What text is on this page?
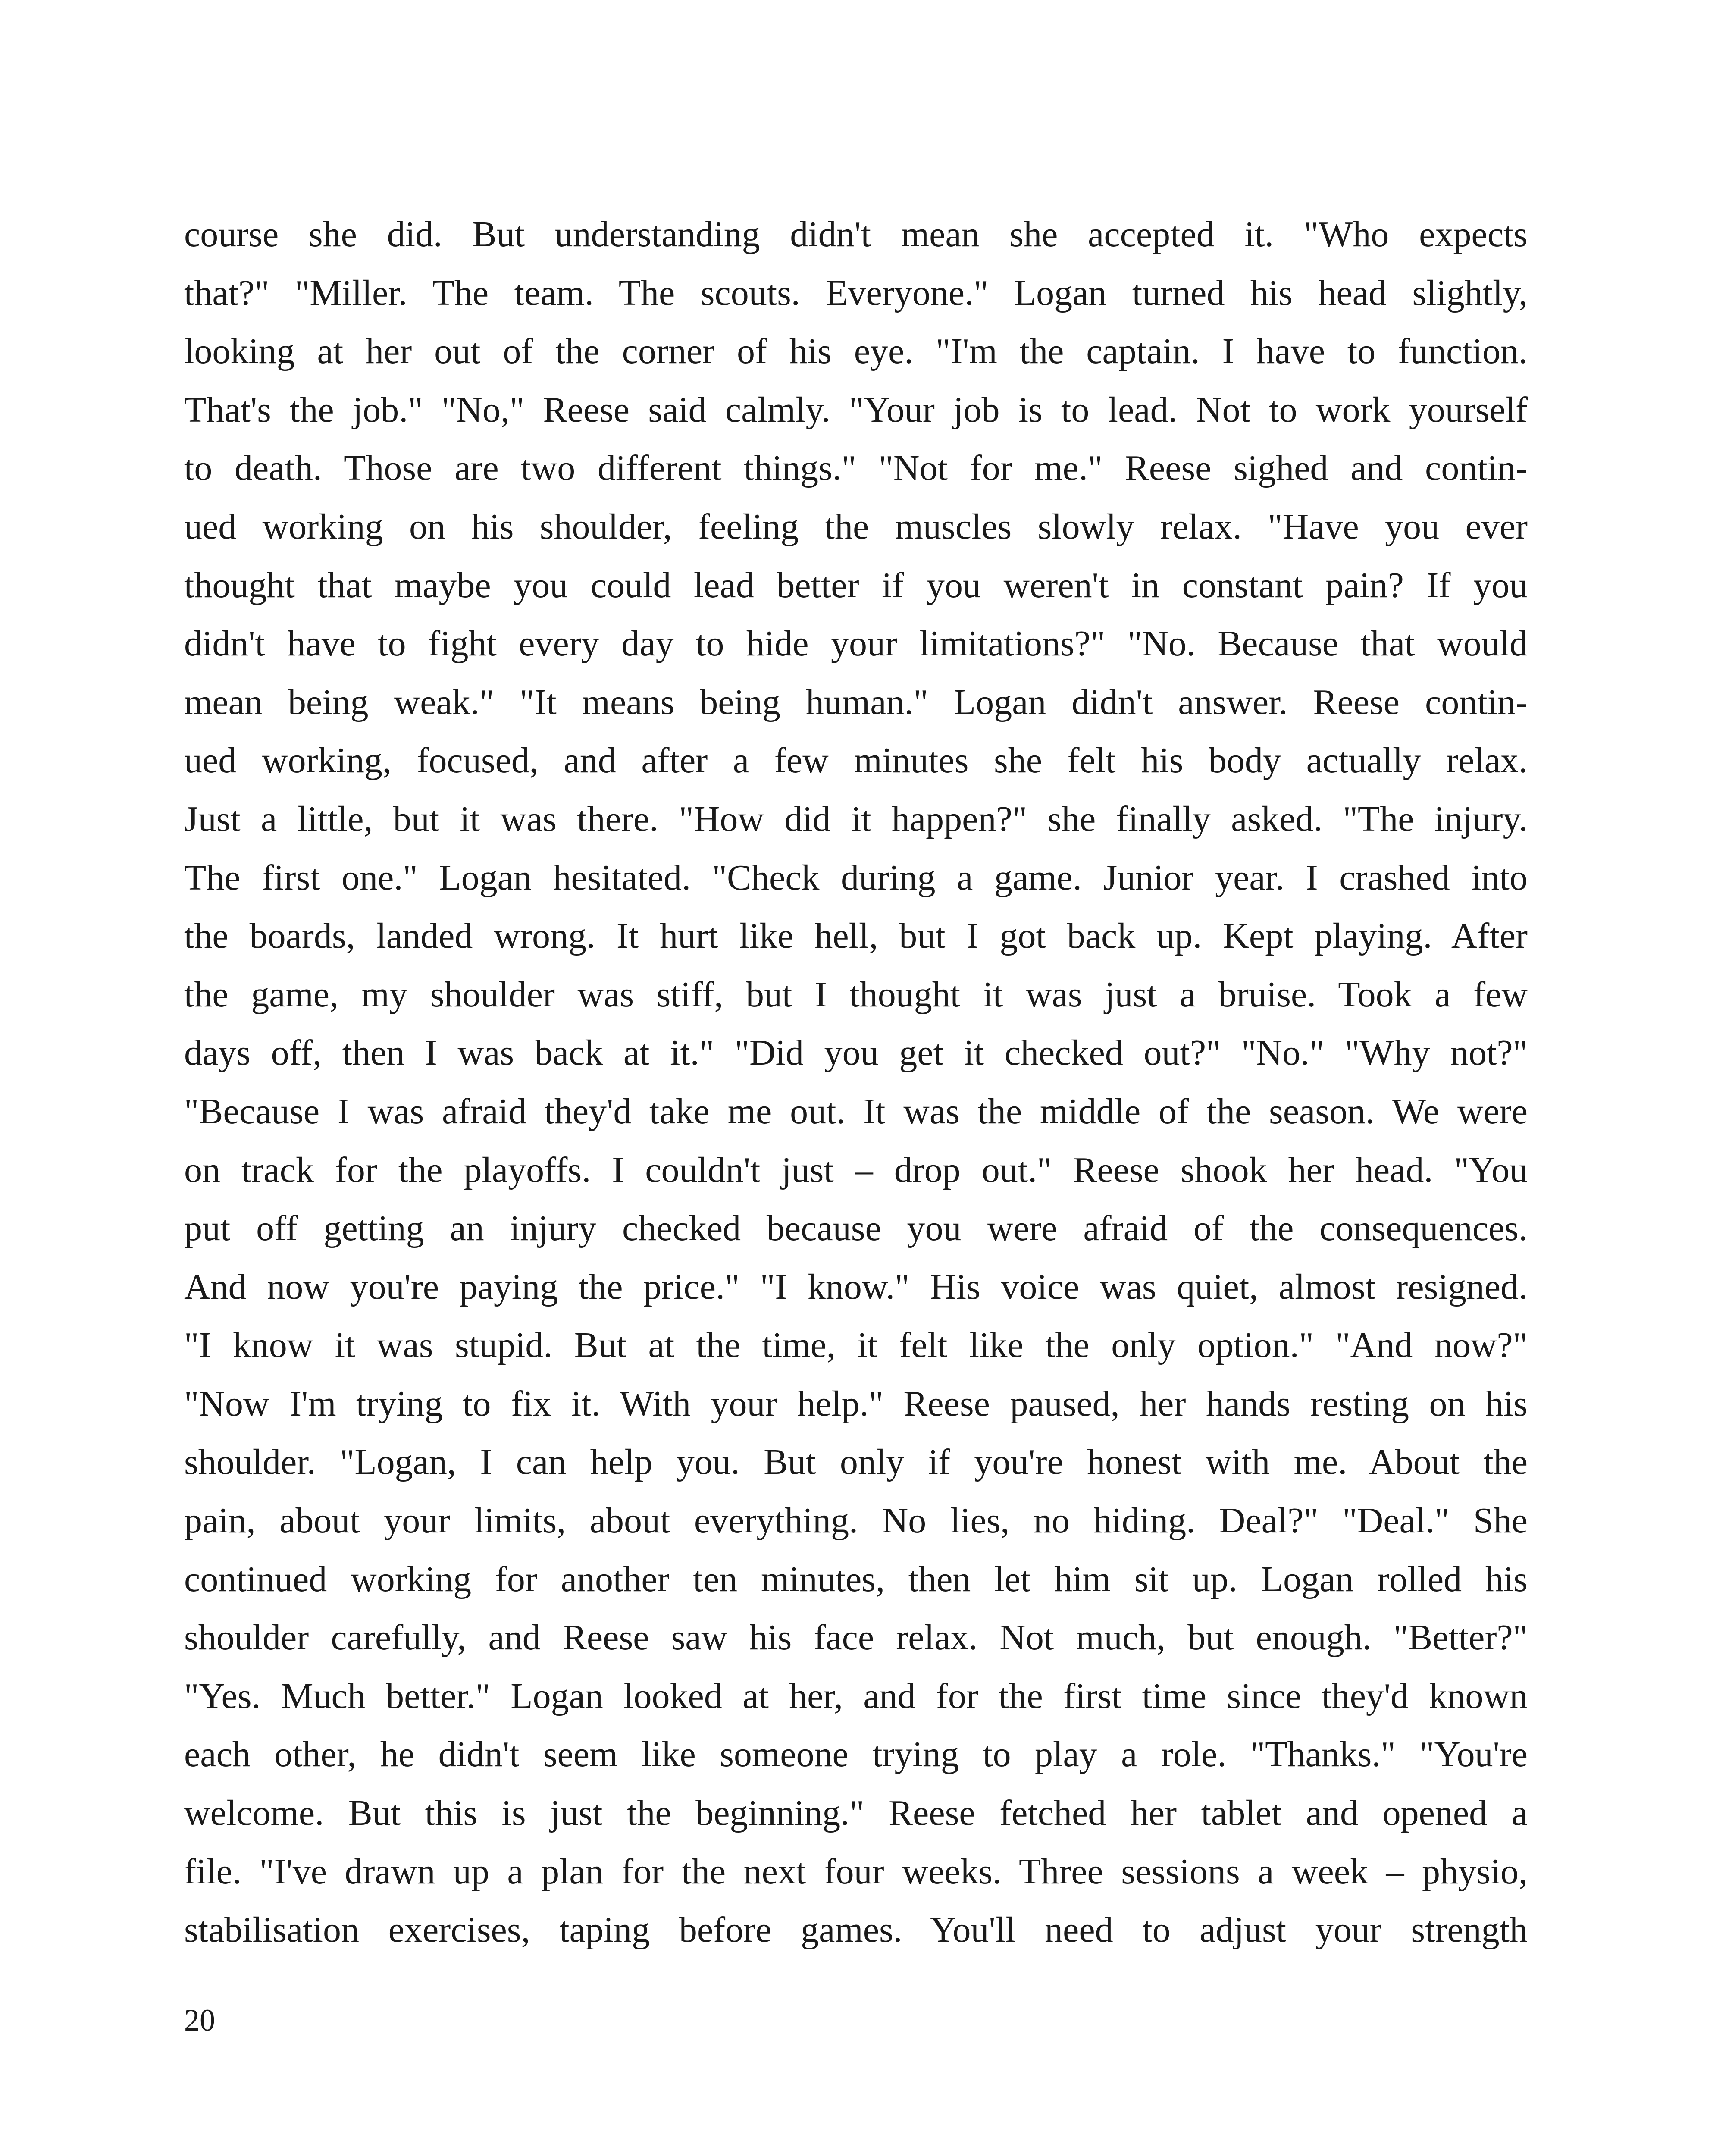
course she did. But understanding didn't mean she accepted it. "Who expects
that?" "Miller. The team. The scouts. Everyone." Logan turned his head slightly,
looking at her out of the corner of his eye. "I'm the captain. I have to function.
That's the job." "No," Reese said calmly. "Your job is to lead. Not to work yourself
to death. Those are two different things." "Not for me." Reese sighed and contin-
ued working on his shoulder, feeling the muscles slowly relax. "Have you ever
thought that maybe you could lead better if you weren't in constant pain? If you
didn't have to fight every day to hide your limitations?" "No. Because that would
mean being weak." "It means being human." Logan didn't answer. Reese contin-
ued working, focused, and after a few minutes she felt his body actually relax.
Just a little, but it was there. "How did it happen?" she finally asked. "The injury.
The first one." Logan hesitated. "Check during a game. Junior year. I crashed into
the boards, landed wrong. It hurt like hell, but I got back up. Kept playing. After
the game, my shoulder was stiff, but I thought it was just a bruise. Took a few
days off, then I was back at it." "Did you get it checked out?" "No." "Why not?"
"Because I was afraid they'd take me out. It was the middle of the season. We were
on track for the playoffs. I couldn't just – drop out." Reese shook her head. "You
put off getting an injury checked because you were afraid of the consequences.
And now you're paying the price." "I know." His voice was quiet, almost resigned.
"I know it was stupid. But at the time, it felt like the only option." "And now?"
"Now I'm trying to fix it. With your help." Reese paused, her hands resting on his
shoulder. "Logan, I can help you. But only if you're honest with me. About the
pain, about your limits, about everything. No lies, no hiding. Deal?" "Deal." She
continued working for another ten minutes, then let him sit up. Logan rolled his
shoulder carefully, and Reese saw his face relax. Not much, but enough. "Better?"
"Yes. Much better." Logan looked at her, and for the first time since they'd known
each other, he didn't seem like someone trying to play a role. "Thanks." "You're
welcome. But this is just the beginning." Reese fetched her tablet and opened a
file. "I've drawn up a plan for the next four weeks. Three sessions a week – physio,
stabilisation exercises, taping before games. You'll need to adjust your strength
20
